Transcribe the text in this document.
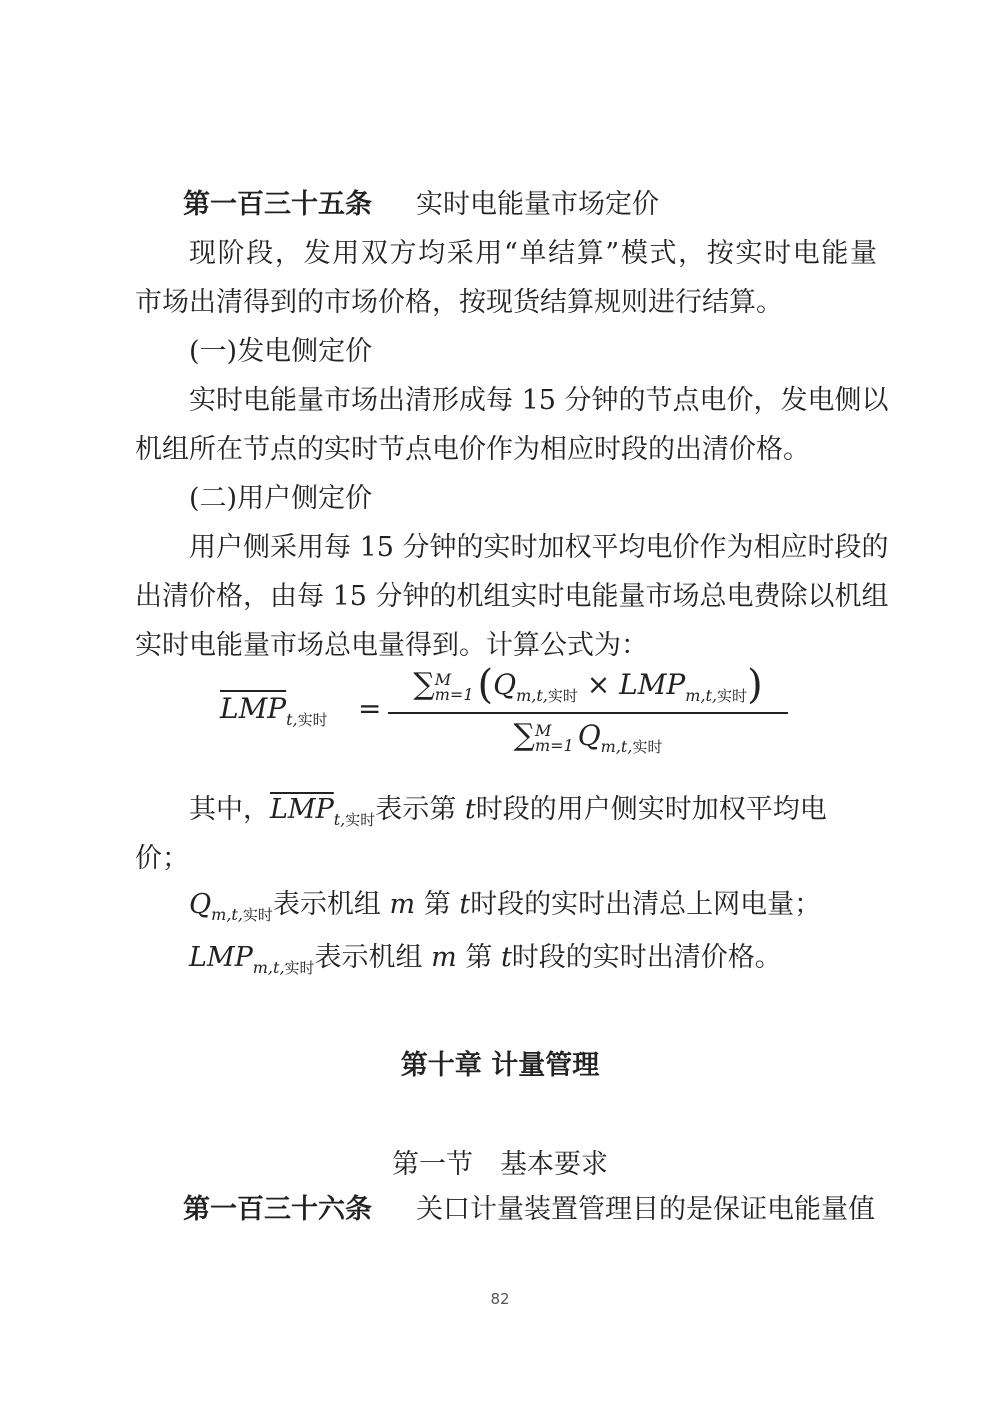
第一百三十五条 实时电能量市场定价

现阶段，发用双方均采用“单结算”模式，按实时电能量

市场出清得到的市场价格，按现货结算规则进行结算。

(一)发电侧定价

实时电能量市场出清形成每 15 分钟的节点电价，发电侧以

机组所在节点的实时节点电价作为相应时段的出清价格。

(二)用户侧定价

用户侧采用每 15 分钟的实时加权平均电价作为相应时段的

出清价格，由每 15 分钟的机组实时电能量市场总电费除以机组

实时电能量市场总电量得到。计算公式为：

$\overline{LMP}_{t,实时}$ =
∑ M
m=1 $(Q_{m,t,实时} \times LMP_{m,t,实时})$
∑ M
m=1 $Q_{m,t,实时}$

其中，$\overline{LMP}_{t,实时}$表示第 t时段的用户侧实时加权平均电

价；

$Q_{m,t,实时}$表示机组 m 第 t时段的实时出清总上网电量；

$LMP_{m,t,实时}$表示机组 m 第 t时段的实时出清价格。

第十章 计量管理

第一节　基本要求

第一百三十六条 关口计量装置管理目的是保证电能量值

82
